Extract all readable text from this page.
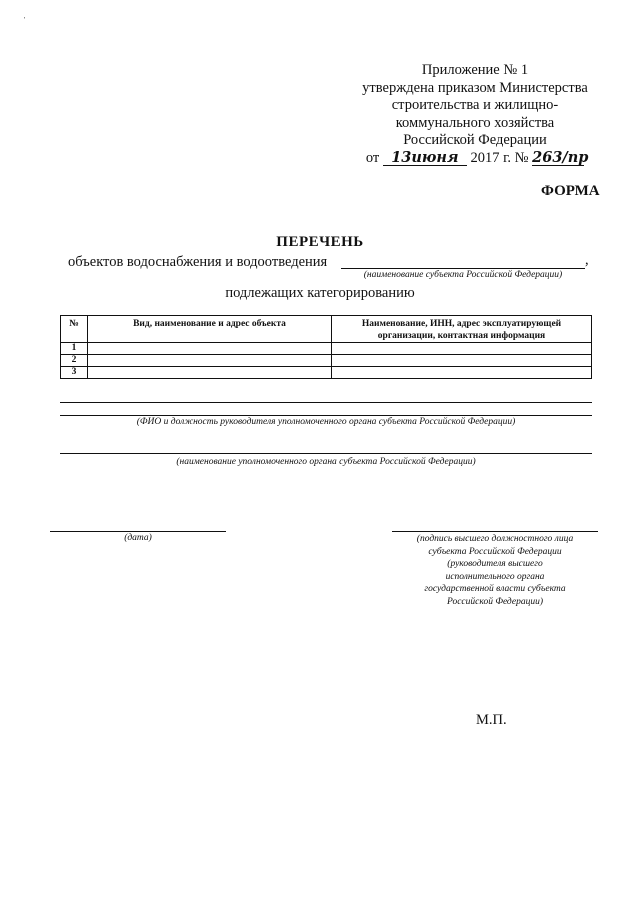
'
Приложение № 1
утверждена приказом Министерства
строительства и жилищно-
коммунального хозяйства
Российской Федерации
от 13июня 2017 г. № 263/пр
ФОРМА
ПЕРЕЧЕНЬ
объектов водоснабжения и водоотведения	,
(наименование субъекта Российской Федерации)
подлежащих категорированию
№	Вид, наименование и адрес объекта	Наименование, ИНН, адрес эксплуатирующей организации, контактная информация
1		
2		
3		
(ФИО и должность руководителя уполномоченного органа субъекта Российской Федерации)
(наименование уполномоченного органа субъекта Российской Федерации)
(дата)	(подпись высшего должностного лица
субъекта Российской Федерации
(руководителя высшего
исполнительного органа
государственной власти субъекта
Российской Федерации)
М.П.
